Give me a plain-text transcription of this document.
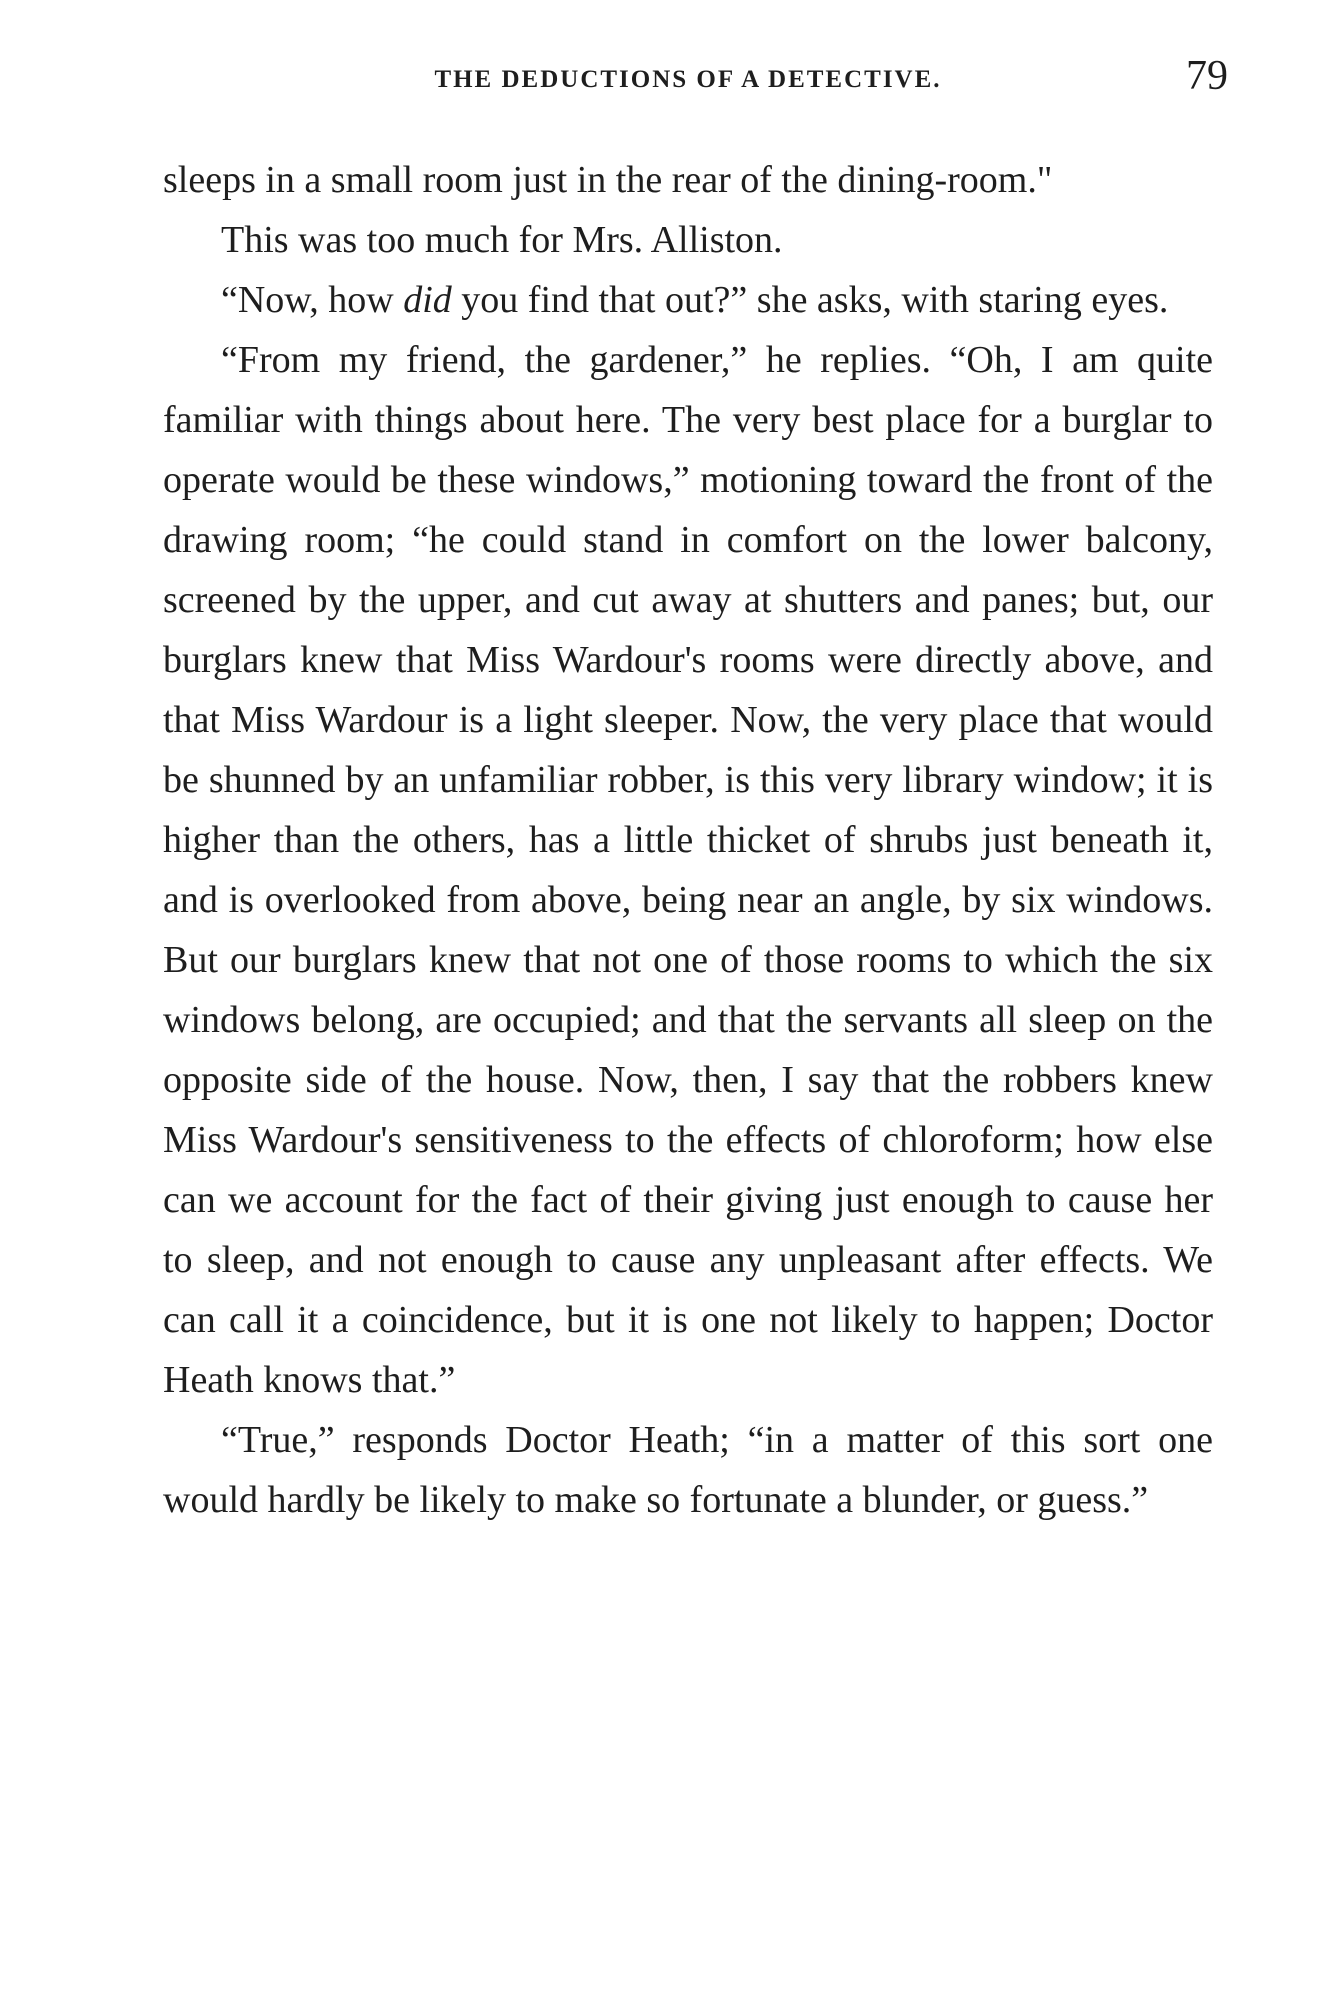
THE DEDUCTIONS OF A DETECTIVE.	79

sleeps in a small room just in the rear of the dining-room."

This was too much for Mrs. Alliston.

“Now, how did you find that out?” she asks, with staring eyes.

“From my friend, the gardener,” he replies. “Oh, I am quite familiar with things about here. The very best place for a burglar to operate would be these windows,” motioning toward the front of the drawing room; “he could stand in comfort on the lower balcony, screened by the upper, and cut away at shutters and panes; but, our burglars knew that Miss Wardour's rooms were directly above, and that Miss Wardour is a light sleeper. Now, the very place that would be shunned by an unfamiliar robber, is this very library window; it is higher than the others, has a little thicket of shrubs just beneath it, and is overlooked from above, being near an angle, by six windows. But our burglars knew that not one of those rooms to which the six windows belong, are occupied; and that the servants all sleep on the opposite side of the house. Now, then, I say that the robbers knew Miss Wardour's sensitiveness to the effects of chloroform; how else can we account for the fact of their giving just enough to cause her to sleep, and not enough to cause any unpleasant after effects. We can call it a coincidence, but it is one not likely to happen; Doctor Heath knows that.”

“True,” responds Doctor Heath; “in a matter of this sort one would hardly be likely to make so fortunate a blunder, or guess.”
